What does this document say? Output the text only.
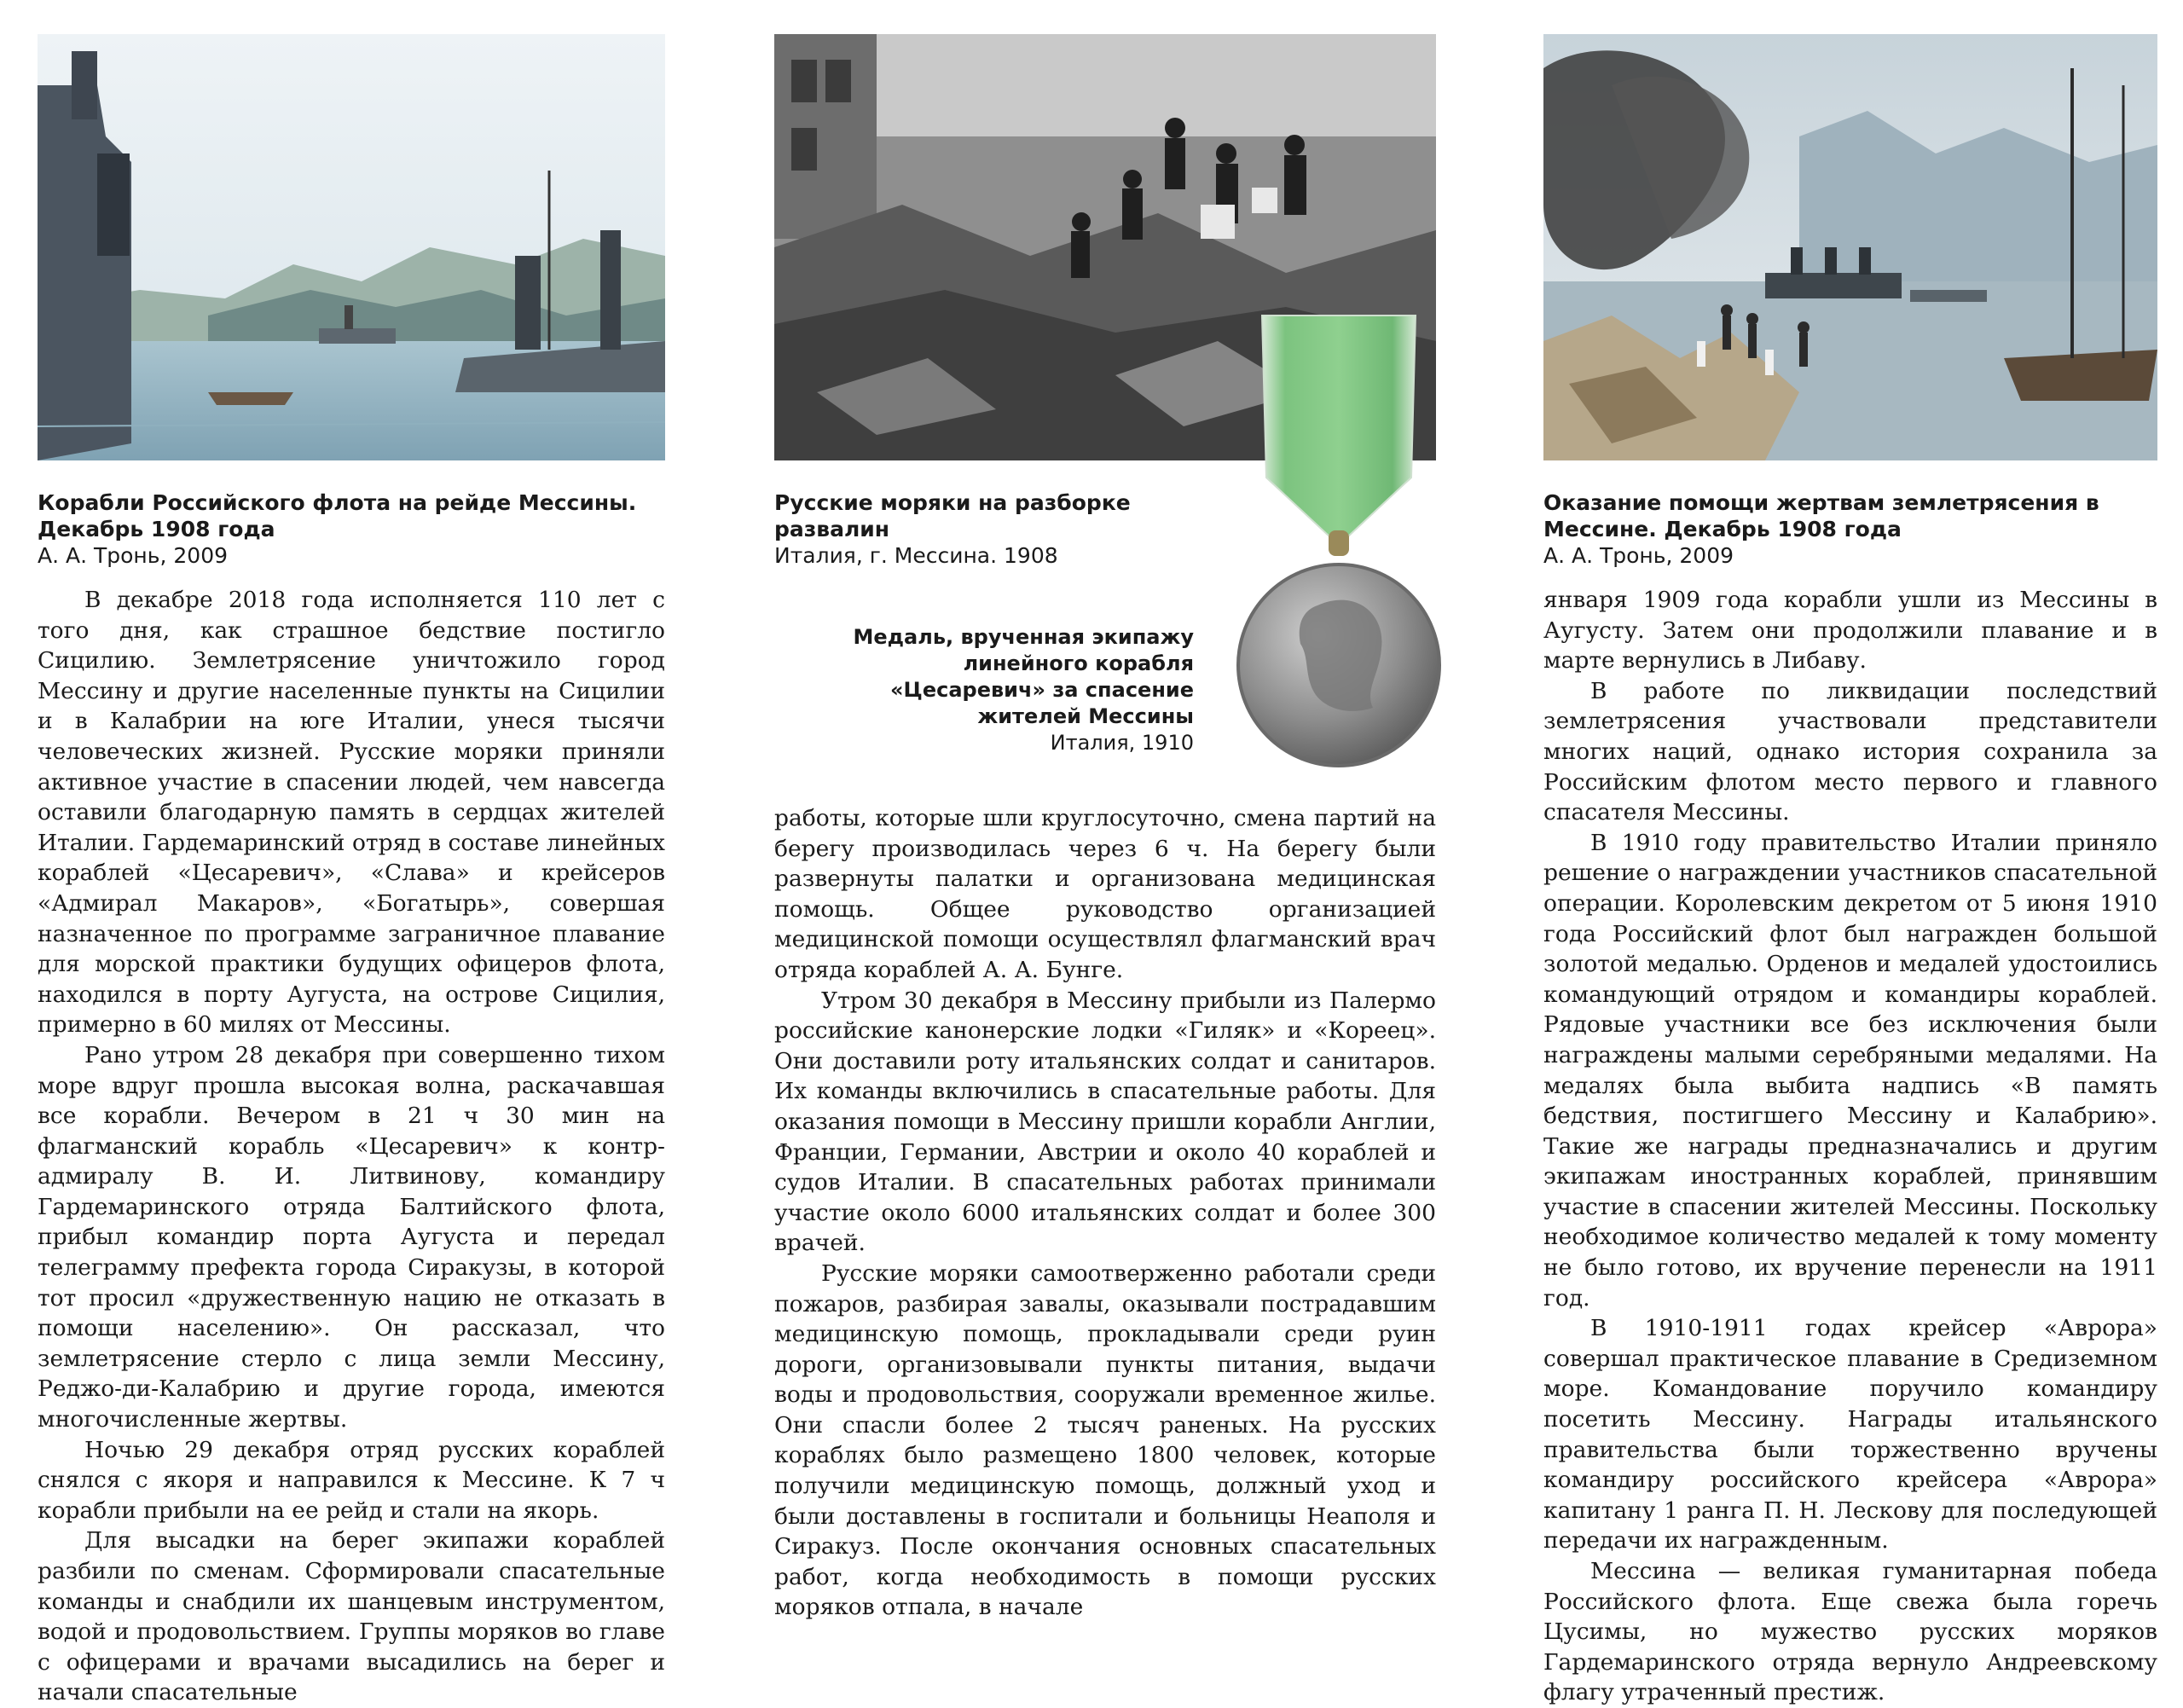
Корабли Российского флота на рейде Мессины. Декабрь 1908 года
А. А. Тронь, 2009

В декабре 2018 года исполняется 110 лет с того дня, как страшное бедствие постигло Сицилию. Землетрясение уничтожило город Мессину и другие населенные пункты на Сицилии и в Калабрии на юге Италии, унеся тысячи человеческих жизней. Русские моряки приняли активное участие в спасении людей, чем навсегда оставили благодарную память в сердцах жителей Италии. Гардемаринский отряд в составе линейных кораблей «Цесаревич», «Слава» и крейсеров «Адмирал Макаров», «Богатырь», совершая назначенное по программе заграничное плавание для морской практики будущих офицеров флота, находился в порту Аугуста, на острове Сицилия, примерно в 60 милях от Мессины.

Рано утром 28 декабря при совершенно тихом море вдруг прошла высокая волна, раскачавшая все корабли. Вечером в 21 ч 30 мин на флагманский корабль «Цесаревич» к контр-адмиралу В. И. Литвинову, командиру Гардемаринского отряда Балтийского флота, прибыл командир порта Аугуста и передал телеграмму префекта города Сиракузы, в которой тот просил «дружественную нацию не отказать в помощи населению». Он рассказал, что землетрясение стерло с лица земли Мессину, Реджо-ди-Калабрию и другие города, имеются многочисленные жертвы.

Ночью 29 декабря отряд русских кораблей снялся с якоря и направился к Мессине. К 7 ч корабли прибыли на ее рейд и стали на якорь.

Для высадки на берег экипажи кораблей разбили по сменам. Сформировали спасательные команды и снабдили их шанцевым инструментом, водой и продовольствием. Группы моряков во главе с офицерами и врачами высадились на берег и начали спасательные

Русские моряки на разборке развалин
Италия, г. Мессина. 1908
Медаль, врученная экипажу линейного корабля «Цесаревич» за спасение жителей Мессины
Италия, 1910

работы, которые шли круглосуточно, смена партий на берегу производилась через 6 ч. На берегу были развернуты палатки и организована медицинская помощь. Общее руководство организацией медицинской помощи осуществлял флагманский врач отряда кораблей А. А. Бунге.

Утром 30 декабря в Мессину прибыли из Палермо российские канонерские лодки «Гиляк» и «Кореец». Они доставили роту итальянских солдат и санитаров. Их команды включились в спасательные работы. Для оказания помощи в Мессину пришли корабли Англии, Франции, Германии, Австрии и около 40 кораблей и судов Италии. В спасательных работах принимали участие около 6000 итальянских солдат и более 300 врачей.

Русские моряки самоотверженно работали среди пожаров, разбирая завалы, оказывали пострадавшим медицинскую помощь, прокладывали среди руин дороги, организовывали пункты питания, выдачи воды и продовольствия, сооружали временное жилье. Они спасли более 2 тысяч раненых. На русских кораблях было размещено 1800 человек, которые получили медицинскую помощь, должный уход и были доставлены в госпитали и больницы Неаполя и Сиракуз. После окончания основных спасательных работ, когда необходимость в помощи русских моряков отпала, в начале

Оказание помощи жертвам землетрясения в Мессине. Декабрь 1908 года
А. А. Тронь, 2009

января 1909 года корабли ушли из Мессины в Аугусту. Затем они продолжили плавание и в марте вернулись в Либаву.

В работе по ликвидации последствий землетрясения участвовали представители многих наций, однако история сохранила за Российским флотом место первого и главного спасателя Мессины.

В 1910 году правительство Италии приняло решение о награждении участников спасательной операции. Королевским декретом от 5 июня 1910 года Российский флот был награжден большой золотой медалью. Орденов и медалей удостоились командующий отрядом и командиры кораблей. Рядовые участники все без исключения были награждены малыми серебряными медалями. На медалях была выбита надпись «В память бедствия, постигшего Мессину и Калабрию». Такие же награды предназначались и другим экипажам иностранных кораблей, принявшим участие в спасении жителей Мессины. Поскольку необходимое количество медалей к тому моменту не было готово, их вручение перенесли на 1911 год.

В 1910-1911 годах крейсер «Аврора» совершал практическое плавание в Средиземном море. Командование поручило командиру посетить Мессину. Награды итальянского правительства были торжественно вручены командиру российского крейсера «Аврора» капитану 1 ранга П. Н. Лескову для последующей передачи их награжденным.

Мессина — великая гуманитарная победа Российского флота. Еще свежа была горечь Цусимы, но мужество русских моряков Гардемаринского отряда вернуло Андреевскому флагу утраченный престиж.
